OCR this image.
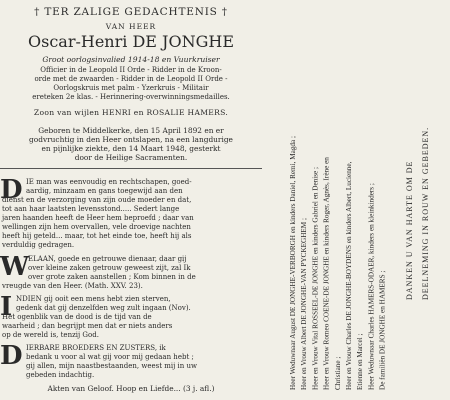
† TER ZALIGE GEDACHTENIS †
VAN HEER
Oscar-Henri DE JONGHE
Groot oorlogsinvalied 1914-18 en Vuurkruiser
Officier in de Leopold II Orde - Ridder in de Kroon-
orde met de zwaarden - Ridder in de Leopold II Orde -
Oorlogskruis met palm - Yzerkruis - Militair
ereteken 2e klas. - Herinnering-overwinningsmedailles.
Zoon van wijlen HENRI en ROSALIE HAMERS.
Geboren te Middelkerke, den 15 April 1892 en er
godvruchtig in den Heer ontslapen, na een langdurige
en pijnlijke ziekte, den 14 Maart 1948, gesterkt
door de Heilige Sacramenten.
D IE man was eenvoudig en rechtschapen, goed-
aardig, minzaam en gans toegewijd aan den
dienst en de verzorging van zijn oude moeder en dat,
tot aan haar laatsten levensstond..... Sedert lange
jaren haanden heeft de Heer hem beproefd ; daar van
wellingen zijn hem overvallen, vele droevige nachten
heeft hij geteld... maar, tot het einde toe, heeft hij als
verduldig gedragen.
W
ELAAN, goede en getrouwe dienaar, daar gij
over kleine zaken getrouw geweest zijt, zal Ik
over grote zaken aanstellen ; Kom binnen in de
vreugde van den Heer. (Math. XXV. 23).
I NDIEN gij ooit een mens hebt zien sterven,
gedenk dat gij denzelfden weg zult ingaan (Nov).
Het ogenblik van de dood is de tijd van de
waarheid ; dan begrijpt men dat er niets anders
op de wereld is, tenzij God.
D IERBARE BROEDERS EN ZUSTERS, ik
bedank u voor al wat gij voor mij gedaan hebt ;
gij allen, mijn naastbestaanden, weest mij in uw
gebeden indachtig.
Akten van Geloof. Hoop en Liefde... (3 j. afl.)	Heer Weduwnaar August DE JONGHE-VERBORGH en kinders Daniel, Remi, Magda ; Heer en Vrouw Albert DE JONGHE-VAN PYCKEGHEM ; Heer en Vrouw Vital ROSSEEL-DE JONGHE en kinders Gabriel en Denise ; Heer en Vrouw Romeo COENE-DE JONGHE en kinders Roger, Agnès, Irène en Christiane ; Heer en Vrouw Charles DE JONGHE-BOYDENS en kinders Albert, Lucienne, Etienne en Marcel ; Heer Weduwnaar Charles HAMERS-ODAER, kinders en kleinkinders ; De familiën DE JONGHE en HAMERS ;
DANKEN U VAN HARTE OM DE DEELNEMING IN ROUW EN GEBEDEN.
